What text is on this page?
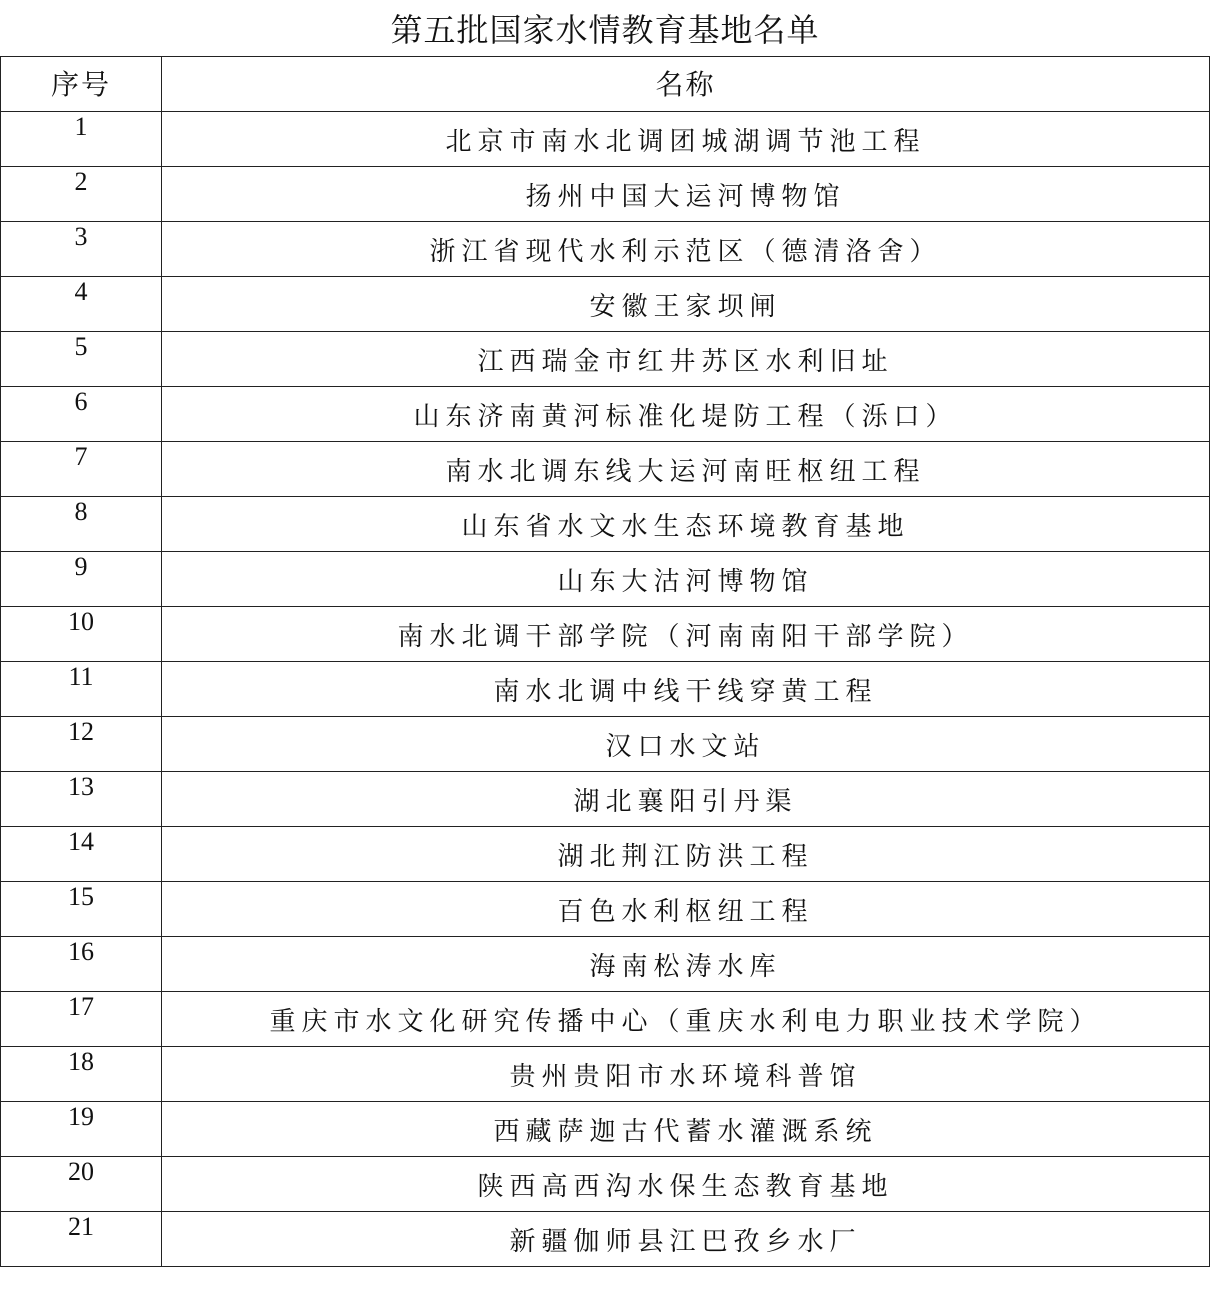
第五批国家水情教育基地名单
序号	名称
1	北京市南水北调团城湖调节池工程
2	扬州中国大运河博物馆
3	浙江省现代水利示范区（德清洛舍）
4	安徽王家坝闸
5	江西瑞金市红井苏区水利旧址
6	山东济南黄河标准化堤防工程（泺口）
7	南水北调东线大运河南旺枢纽工程
8	山东省水文水生态环境教育基地
9	山东大沽河博物馆
10	南水北调干部学院（河南南阳干部学院）
11	南水北调中线干线穿黄工程
12	汉口水文站
13	湖北襄阳引丹渠
14	湖北荆江防洪工程
15	百色水利枢纽工程
16	海南松涛水库
17	重庆市水文化研究传播中心（重庆水利电力职业技术学院）
18	贵州贵阳市水环境科普馆
19	西藏萨迦古代蓄水灌溉系统
20	陕西高西沟水保生态教育基地
21	新疆伽师县江巴孜乡水厂
